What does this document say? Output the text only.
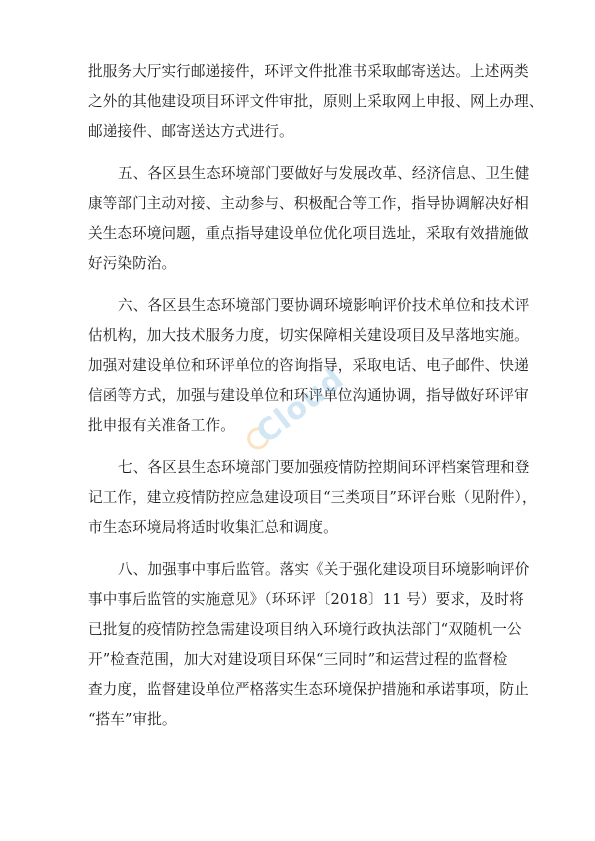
批服务大厅实行邮递接件，环评文件批准书采取邮寄送达。上述两类
之外的其他建设项目环评文件审批，原则上采取网上申报、网上办理、
邮递接件、邮寄送达方式进行。
五、各区县生态环境部门要做好与发展改革、经济信息、卫生健
康等部门主动对接、主动参与、积极配合等工作，指导协调解决好相
关生态环境问题，重点指导建设单位优化项目选址，采取有效措施做
好污染防治。
六、各区县生态环境部门要协调环境影响评价技术单位和技术评
估机构，加大技术服务力度，切实保障相关建设项目及早落地实施。
加强对建设单位和环评单位的咨询指导，采取电话、电子邮件、快递
信函等方式，加强与建设单位和环评单位沟通协调，指导做好环评审
批申报有关准备工作。
七、各区县生态环境部门要加强疫情防控期间环评档案管理和登
记工作，建立疫情防控应急建设项目“三类项目”环评台账（见附件），
市生态环境局将适时收集汇总和调度。
八、加强事中事后监管。落实《关于强化建设项目环境影响评价
事中事后监管的实施意见》（环环评〔2018〕11 号）要求，及时将
已批复的疫情防控急需建设项目纳入环境行政执法部门“双随机一公
开”检查范围，加大对建设项目环保“三同时”和运营过程的监督检
查力度，监督建设单位严格落实生态环境保护措施和承诺事项，防止
“搭车”审批。
Cloud
